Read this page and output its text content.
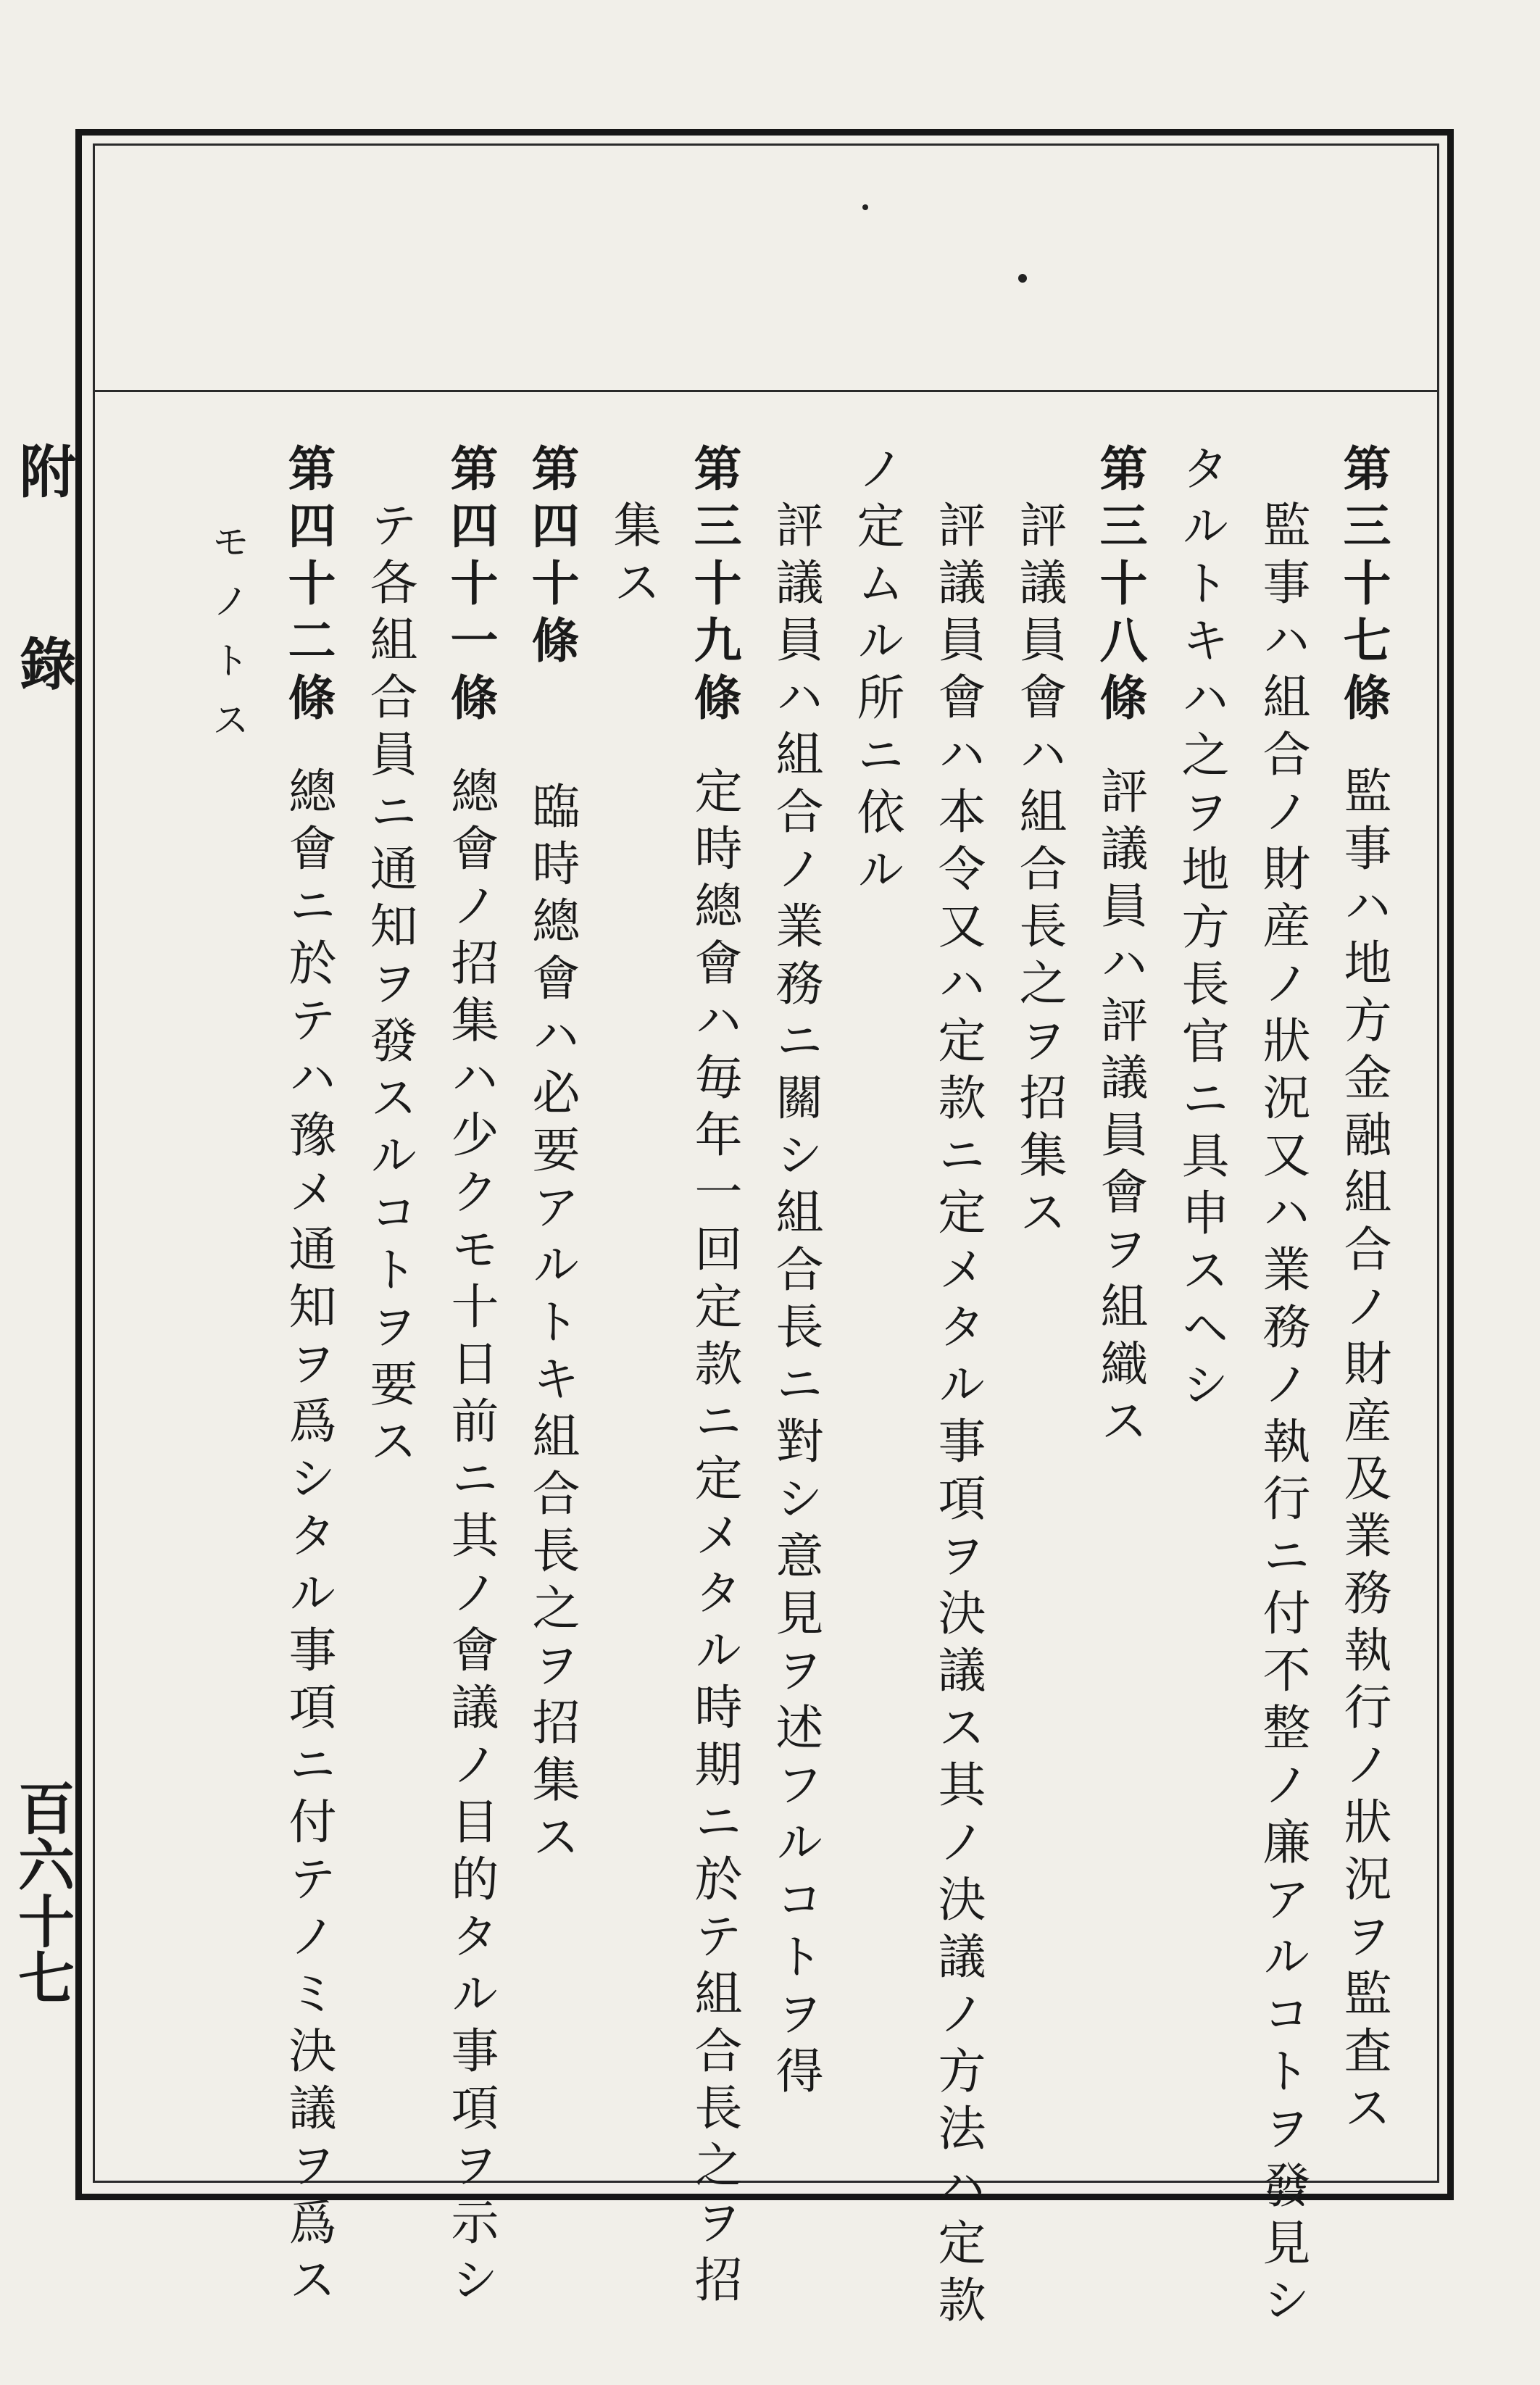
附 錄
百六十七

第三十七條監事ハ地方金融組合ノ財産及業務執行ノ狀況ヲ監査ス

監事ハ組合ノ財産ノ狀況又ハ業務ノ執行ニ付不整ノ廉アルコトヲ發見シ

タルトキハ之ヲ地方長官ニ具申スヘシ

第三十八條評議員ハ評議員會ヲ組織ス

評議員會ハ組合長之ヲ招集ス

評議員會ハ本令又ハ定款ニ定メタル事項ヲ決議ス其ノ決議ノ方法ハ定款

ノ定ムル所ニ依ル

評議員ハ組合ノ業務ニ關シ組合長ニ對シ意見ヲ述フルコトヲ得

第三十九條定時總會ハ毎年一回定款ニ定メタル時期ニ於テ組合長之ヲ招

集ス

第四十條臨時總會ハ必要アルトキ組合長之ヲ招集ス

第四十一條總會ノ招集ハ少クモ十日前ニ其ノ會議ノ目的タル事項ヲ示シ

テ各組合員ニ通知ヲ發スルコトヲ要ス

第四十二條總會ニ於テハ豫メ通知ヲ爲シタル事項ニ付テノミ決議ヲ爲ス

モノトス
